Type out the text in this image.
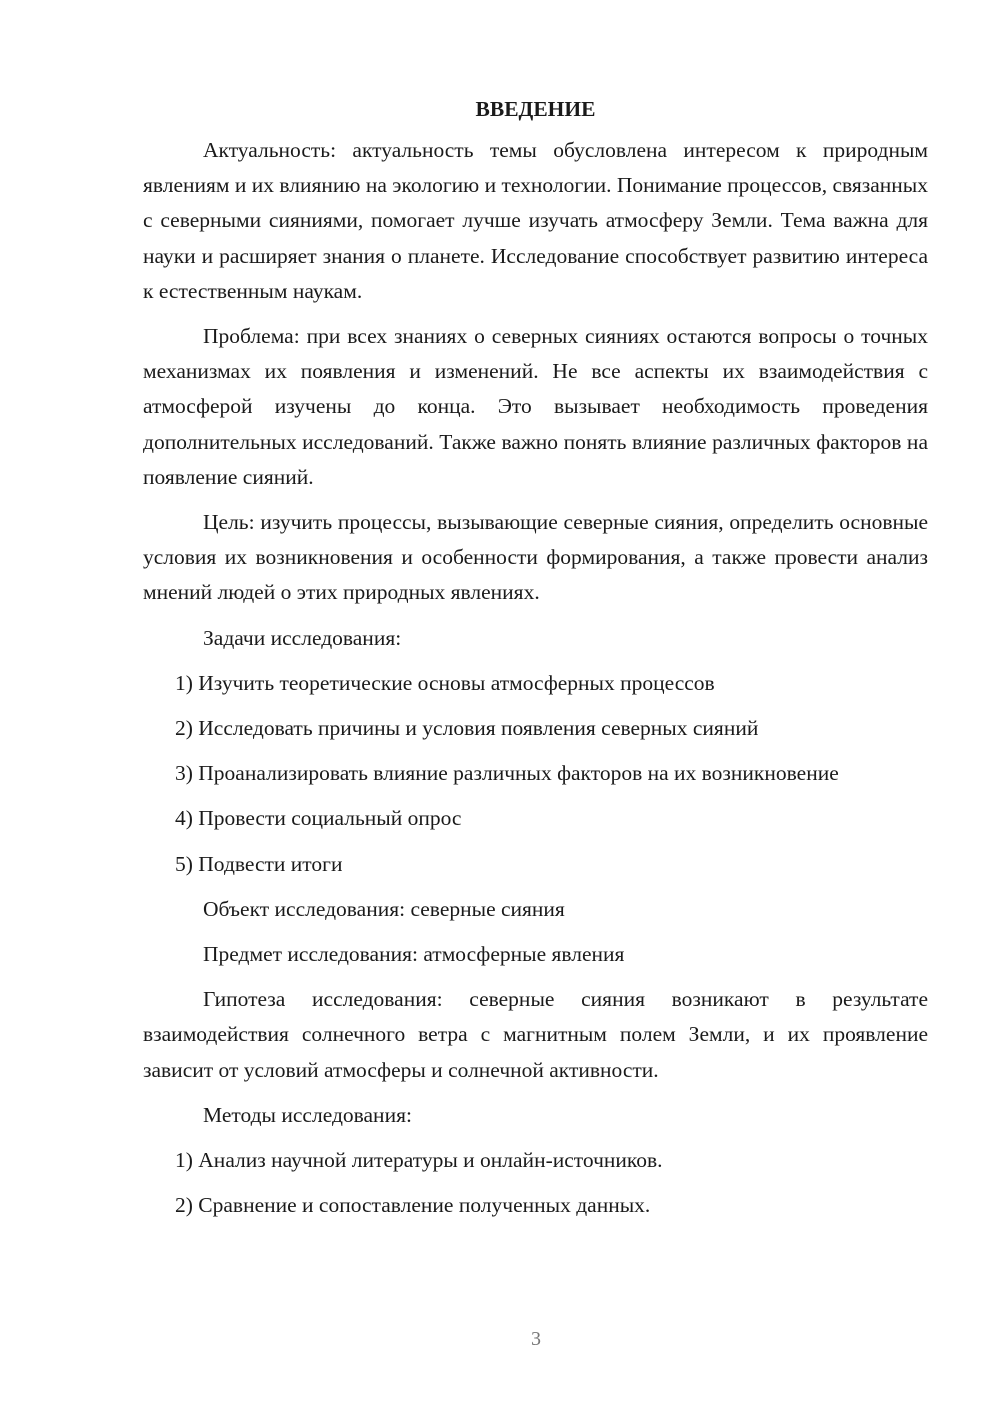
ВВЕДЕНИЕ

Актуальность: актуальность темы обусловлена интересом к природным явлениям и их влиянию на экологию и технологии. Понимание процессов, связанных с северными сияниями, помогает лучше изучать атмосферу Земли. Тема важна для науки и расширяет знания о планете. Исследование способствует развитию интереса к естественным наукам.

Проблема: при всех знаниях о северных сияниях остаются вопросы о точных механизмах их появления и изменений. Не все аспекты их взаимодействия с атмосферой изучены до конца. Это вызывает необходимость проведения дополнительных исследований. Также важно понять влияние различных факторов на появление сияний.

Цель: изучить процессы, вызывающие северные сияния, определить основные условия их возникновения и особенности формирования, а также провести анализ мнений людей о этих природных явлениях.

Задачи исследования:

1) Изучить теоретические основы атмосферных процессов

2) Исследовать причины и условия появления северных сияний

3) Проанализировать влияние различных факторов на их возникновение

4) Провести социальный опрос

5) Подвести итоги

Объект исследования: северные сияния

Предмет исследования: атмосферные явления

Гипотеза исследования: северные сияния возникают в результате взаимодействия солнечного ветра с магнитным полем Земли, и их проявление зависит от условий атмосферы и солнечной активности.

Методы исследования:

1) Анализ научной литературы и онлайн-источников.

2) Сравнение и сопоставление полученных данных.

3
